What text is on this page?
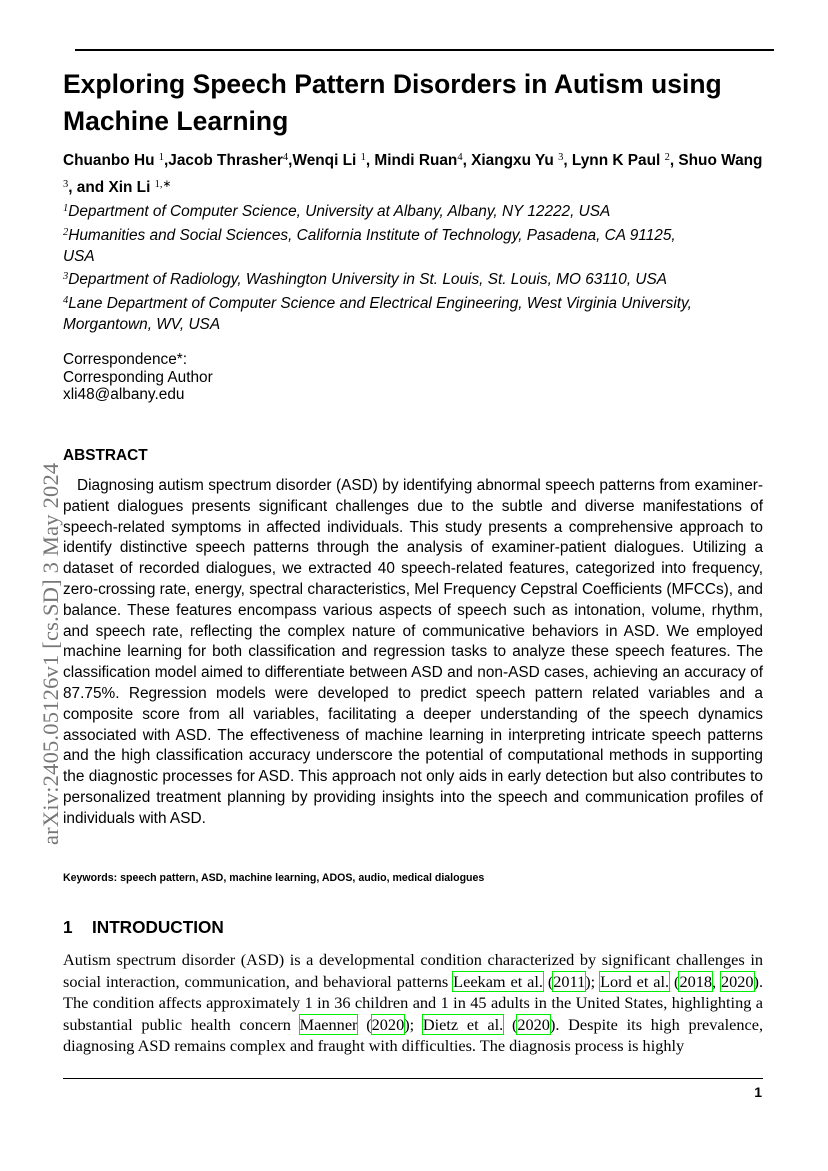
arXiv:2405.05126v1 [cs.SD] 3 May 2024
Exploring Speech Pattern Disorders in Autism using Machine Learning
Chuanbo Hu $^1$,Jacob Thrasher$^4$,Wenqi Li $^1$, Mindi Ruan$^4$, Xiangxu Yu $^3$, Lynn K Paul $^2$, Shuo Wang $^3$, and Xin Li $^{1,∗}$
$^1$Department of Computer Science, University at Albany, Albany, NY 12222, USA
$^2$Humanities and Social Sciences, California Institute of Technology, Pasadena, CA 91125, USA
$^3$Department of Radiology, Washington University in St. Louis, St. Louis, MO 63110, USA
$^4$Lane Department of Computer Science and Electrical Engineering, West Virginia University, Morgantown, WV, USA
Correspondence*:
Corresponding Author
xli48@albany.edu
ABSTRACT

Diagnosing autism spectrum disorder (ASD) by identifying abnormal speech patterns from examiner-patient dialogues presents significant challenges due to the subtle and diverse manifestations of speech-related symptoms in affected individuals. This study presents a comprehensive approach to identify distinctive speech patterns through the analysis of examiner-patient dialogues. Utilizing a dataset of recorded dialogues, we extracted 40 speech-related features, categorized into frequency, zero-crossing rate, energy, spectral characteristics, Mel Frequency Cepstral Coefficients (MFCCs), and balance. These features encompass various aspects of speech such as intonation, volume, rhythm, and speech rate, reflecting the complex nature of communicative behaviors in ASD. We employed machine learning for both classification and regression tasks to analyze these speech features. The classification model aimed to differentiate between ASD and non-ASD cases, achieving an accuracy of 87.75%. Regression models were developed to predict speech pattern related variables and a composite score from all variables, facilitating a deeper understanding of the speech dynamics associated with ASD. The effectiveness of machine learning in interpreting intricate speech patterns and the high classification accuracy underscore the potential of computational methods in supporting the diagnostic processes for ASD. This approach not only aids in early detection but also contributes to personalized treatment planning by providing insights into the speech and communication profiles of individuals with ASD.

Keywords: speech pattern, ASD, machine learning, ADOS, audio, medical dialogues

1 INTRODUCTION

Autism spectrum disorder (ASD) is a developmental condition characterized by significant challenges in social interaction, communication, and behavioral patterns Leekam et al. (2011); Lord et al. (2018, 2020). The condition affects approximately 1 in 36 children and 1 in 45 adults in the United States, highlighting a substantial public health concern Maenner (2020); Dietz et al. (2020). Despite its high prevalence, diagnosing ASD remains complex and fraught with difficulties. The diagnosis process is highly

1
